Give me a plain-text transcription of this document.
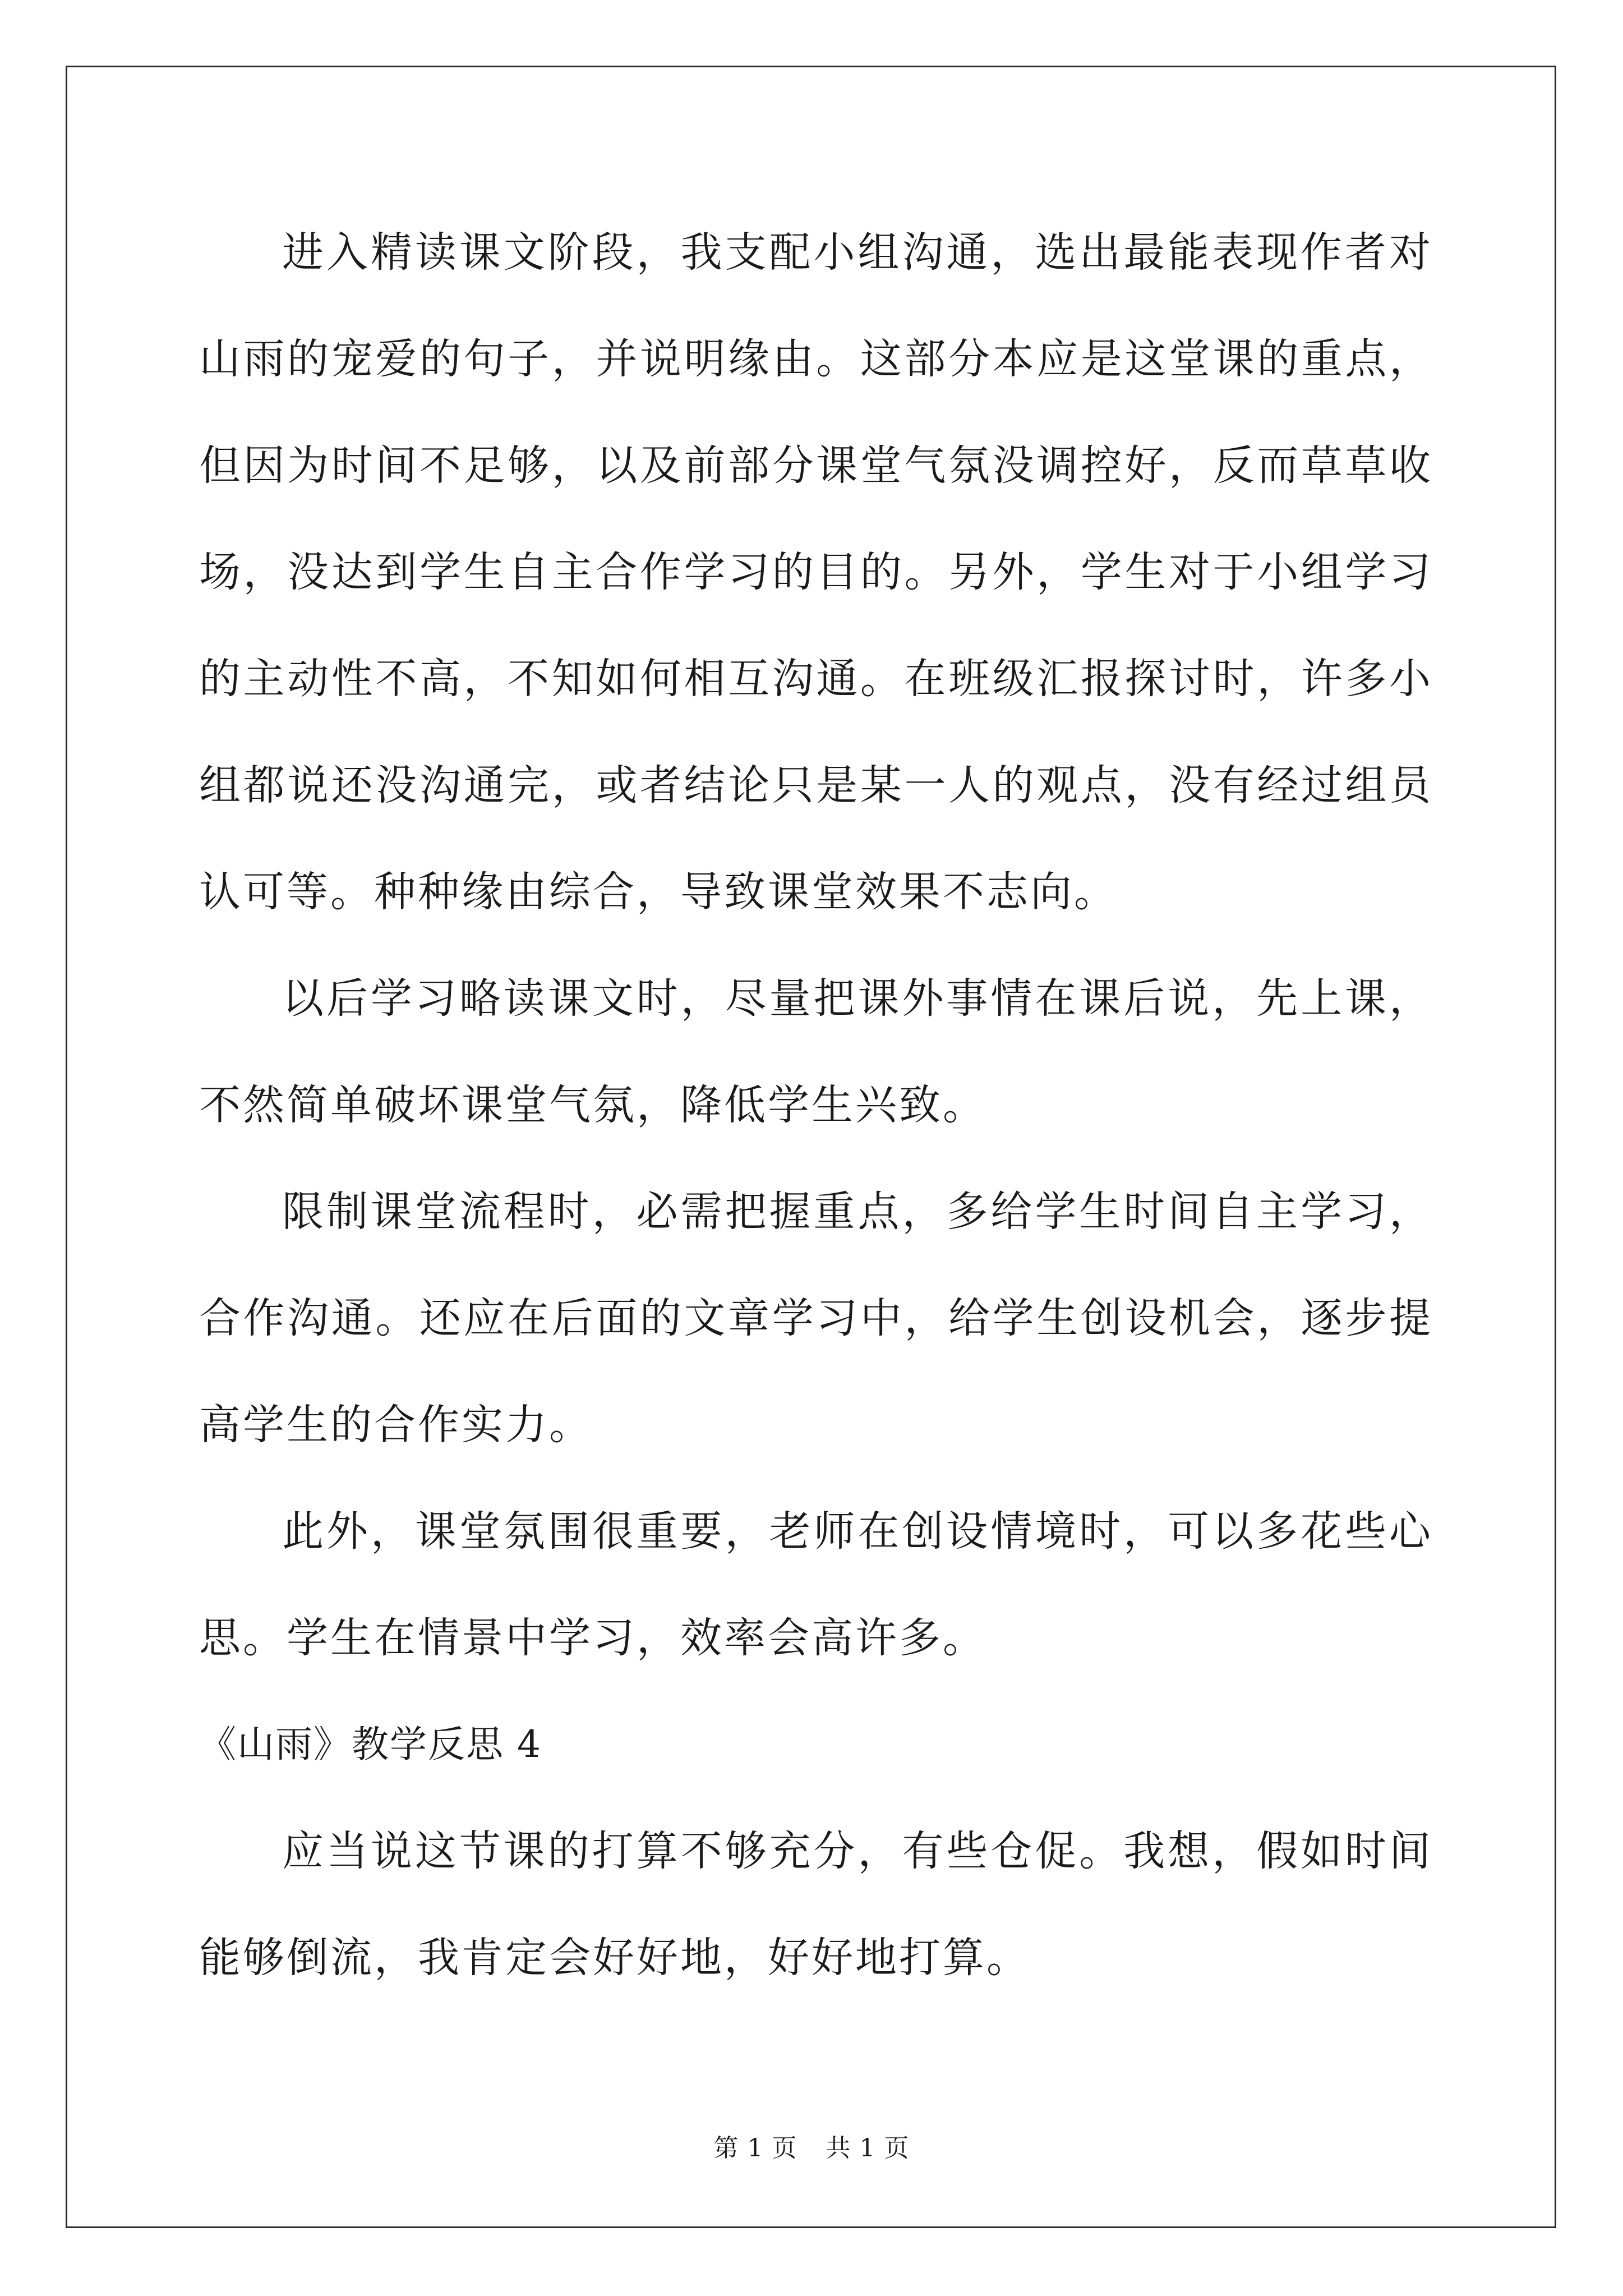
进入精读课文阶段，我支配小组沟通，选出最能表现作者对山雨的宠爱的句子，并说明缘由。这部分本应是这堂课的重点，但因为时间不足够，以及前部分课堂气氛没调控好，反而草草收场，没达到学生自主合作学习的目的。另外，学生对于小组学习的主动性不高，不知如何相互沟通。在班级汇报探讨时，许多小组都说还没沟通完，或者结论只是某一人的观点，没有经过组员认可等。种种缘由综合，导致课堂效果不志向。

以后学习略读课文时，尽量把课外事情在课后说，先上课，不然简单破坏课堂气氛，降低学生兴致。

限制课堂流程时，必需把握重点，多给学生时间自主学习，合作沟通。还应在后面的文章学习中，给学生创设机会，逐步提高学生的合作实力。

此外，课堂氛围很重要，老师在创设情境时，可以多花些心思。学生在情景中学习，效率会高许多。

《山雨》教学反思 4

应当说这节课的打算不够充分，有些仓促。我想，假如时间能够倒流，我肯定会好好地，好好地打算。

第 1 页 共 1 页
